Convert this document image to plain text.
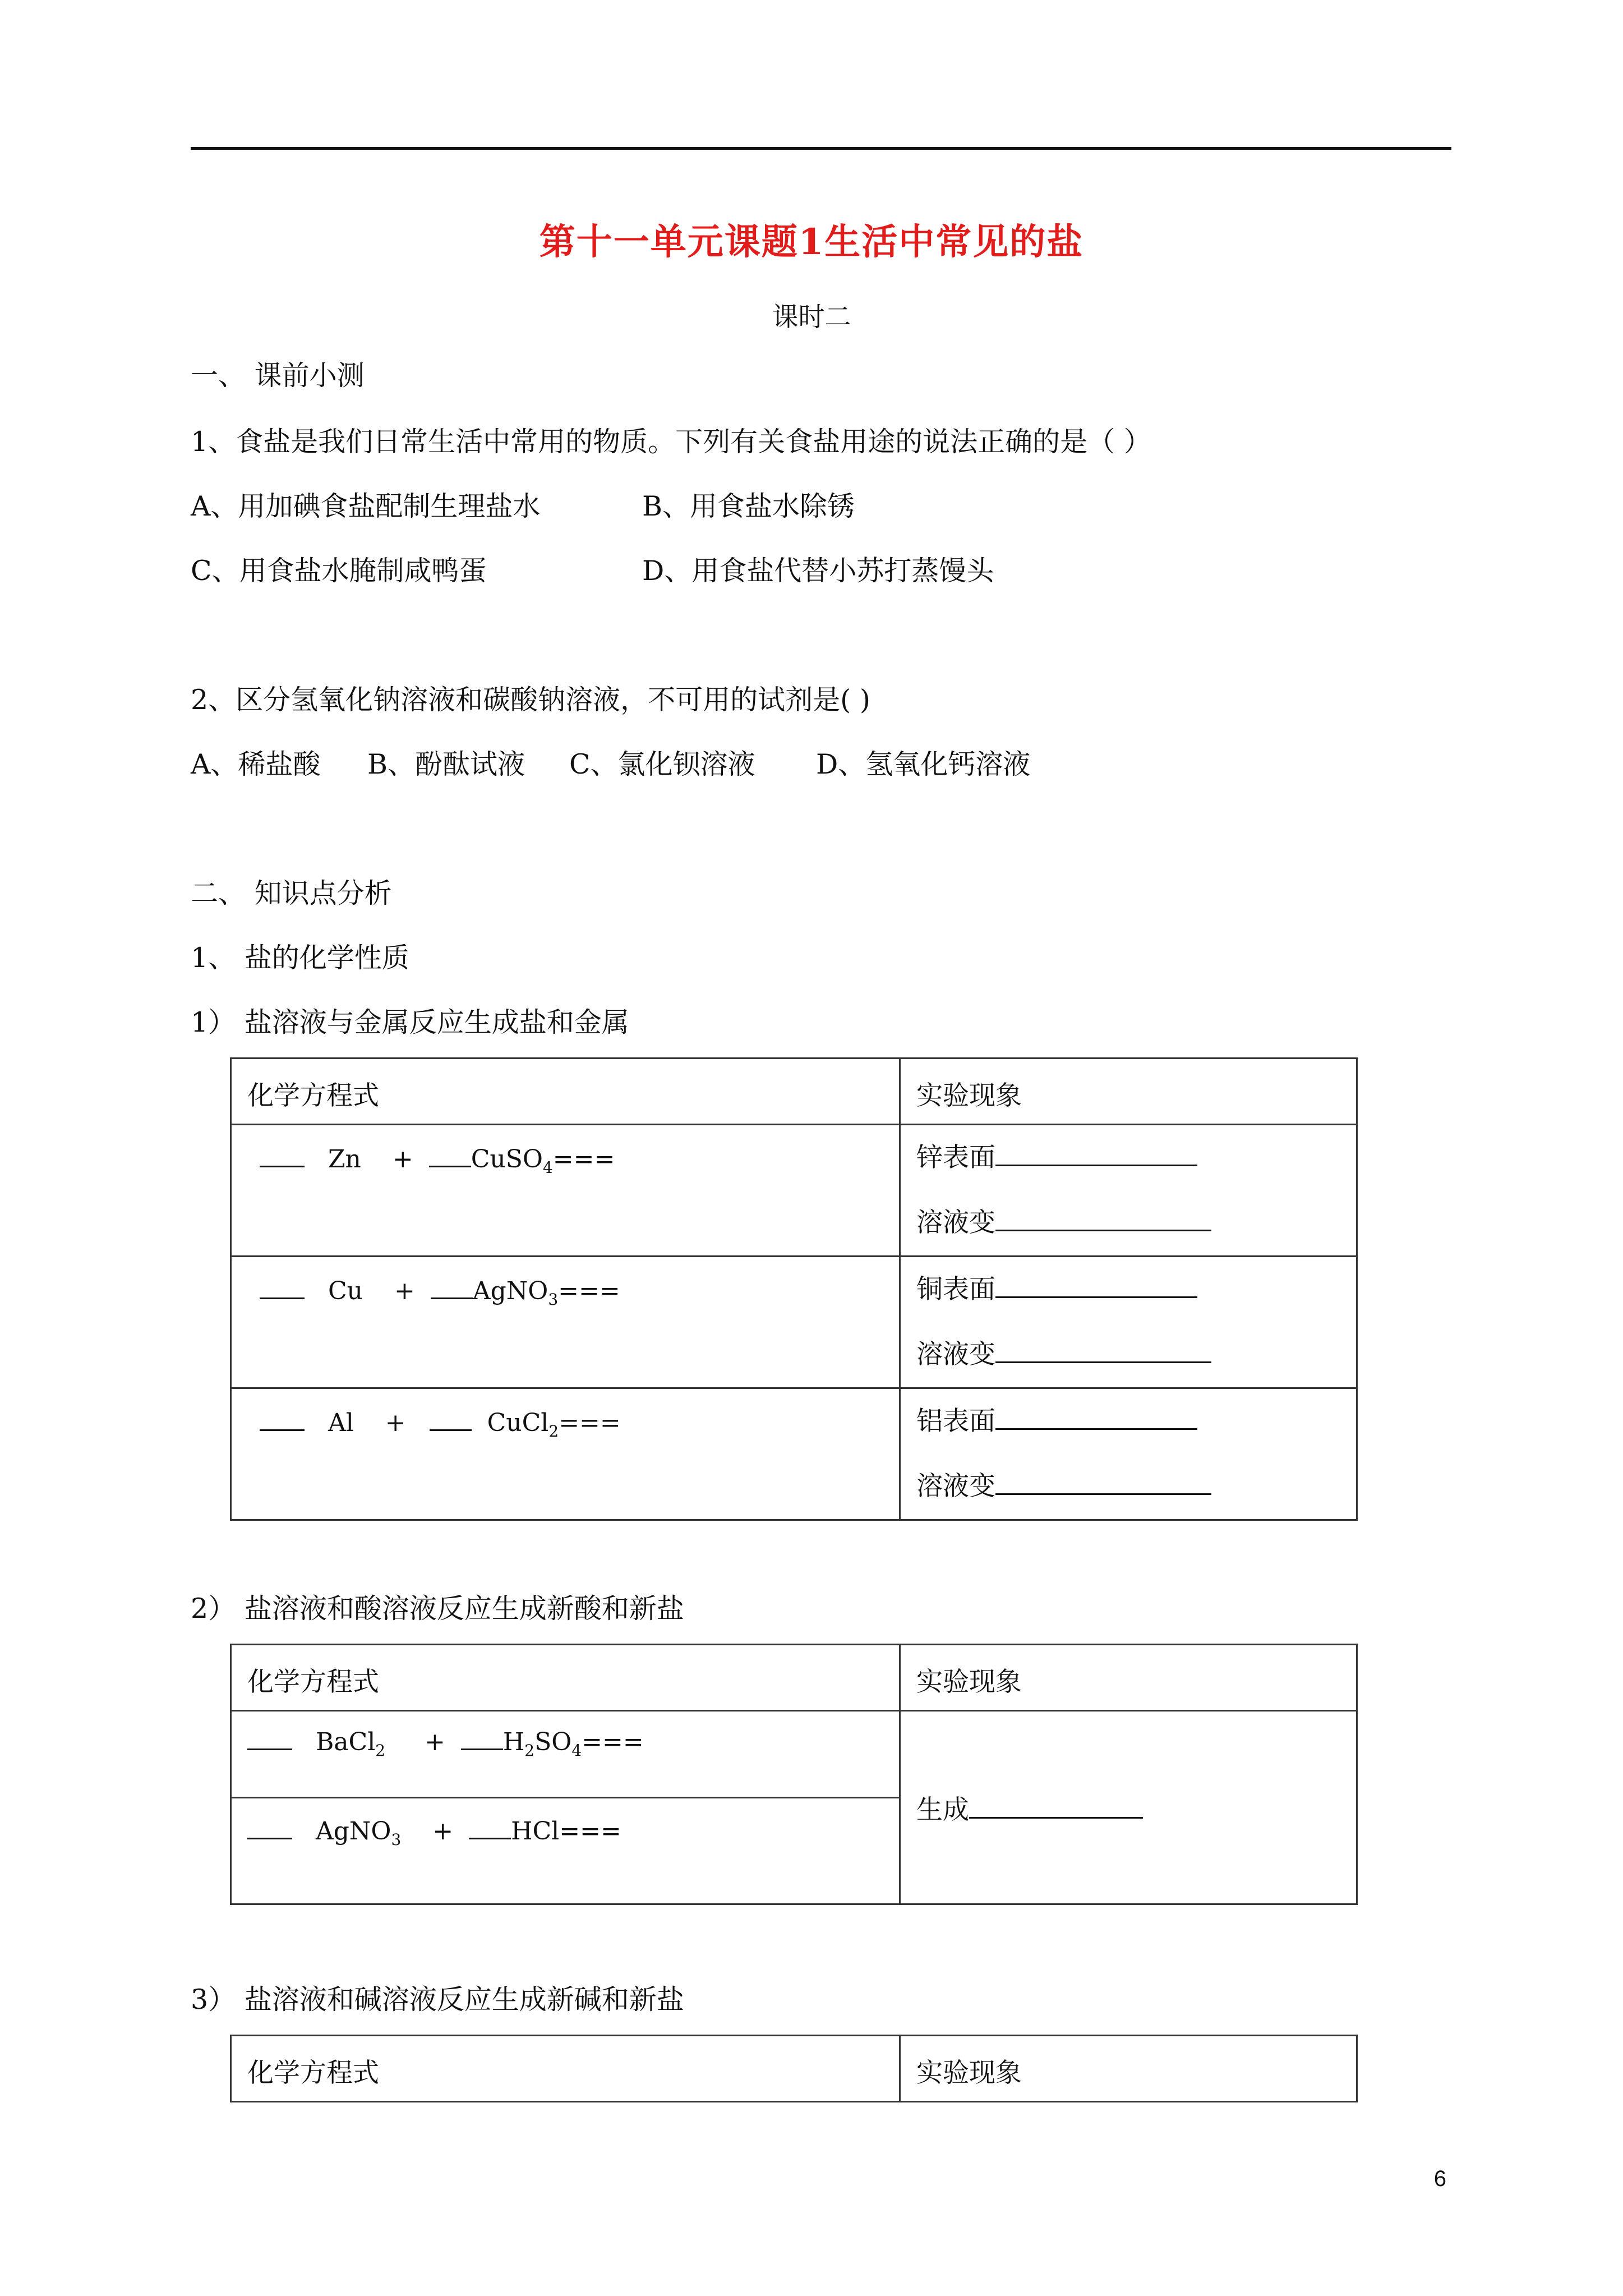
第十一单元课题1生活中常见的盐
课时二
一、 课前小测
1、食盐是我们日常生活中常用的物质。下列有关食盐用途的说法正确的是（ ）
A、用加碘食盐配制生理盐水	B、用食盐水除锈
C、用食盐水腌制咸鸭蛋	D、用食盐代替小苏打蒸馒头
2、区分氢氧化钠溶液和碳酸钠溶液，不可用的试剂是( )
A、稀盐酸 B、酚酞试液 C、氯化钡溶液 D、氢氧化钙溶液
二、 知识点分析
1、 盐的化学性质
1） 盐溶液与金属反应生成盐和金属
化学方程式	实验现象

Zn + CuSO$_4$===	锌表面
溶液变

Cu + AgNO$_3$===	铜表面
溶液变

Al + CuCl$_2$===	铝表面
溶液变
2） 盐溶液和酸溶液反应生成新酸和新盐
化学方程式	实验现象

BaCl$_2$ + $H_2SO_4===$	生成

AgNO$_3$ + HCl===	
3） 盐溶液和碱溶液反应生成新碱和新盐
化学方程式	实验现象
6
